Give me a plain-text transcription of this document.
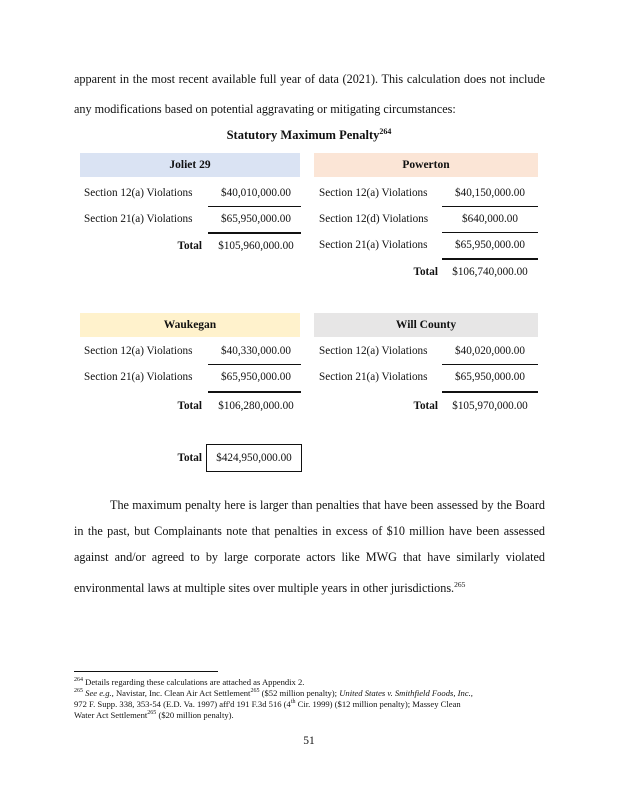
apparent in the most recent available full year of data (2021). This calculation does not include
any modifications based on potential aggravating or mitigating circumstances:
Statutory Maximum Penalty$^{264}$
Joliet 29
Section 12(a) Violations	$40,010,000.00
Section 21(a) Violations	$65,950,000.00
Total	$105,960,000.00
Powerton
Section 12(a) Violations	$40,150,000.00
Section 12(d) Violations	$640,000.00
Section 21(a) Violations	$65,950,000.00
Total	$106,740,000.00
Waukegan
Section 12(a) Violations	$40,330,000.00
Section 21(a) Violations	$65,950,000.00
Total	$106,280,000.00
Will County
Section 12(a) Violations	$40,020,000.00
Section 21(a) Violations	$65,950,000.00
Total	$105,970,000.00
Total	$424,950,000.00
The maximum penalty here is larger than penalties that have been assessed by the Board
in the past, but Complainants note that penalties in excess of $10 million have been assessed
against and/or agreed to by large corporate actors like MWG that have similarly violated
environmental laws at multiple sites over multiple years in other jurisdictions.$^{265}$
$^{264}$ Details regarding these calculations are attached as Appendix 2.
$^{265}$ See e.g., Navistar, Inc. Clean Air Act Settlement$^{265}$ ($52 million penalty); United States v. Smithfield Foods, Inc.,
972 F. Supp. 338, 353-54 (E.D. Va. 1997) aff'd 191 F.3d 516 (4th Cir. 1999) ($12 million penalty); Massey Clean
Water Act Settlement$^{265}$ ($20 million penalty).
51
